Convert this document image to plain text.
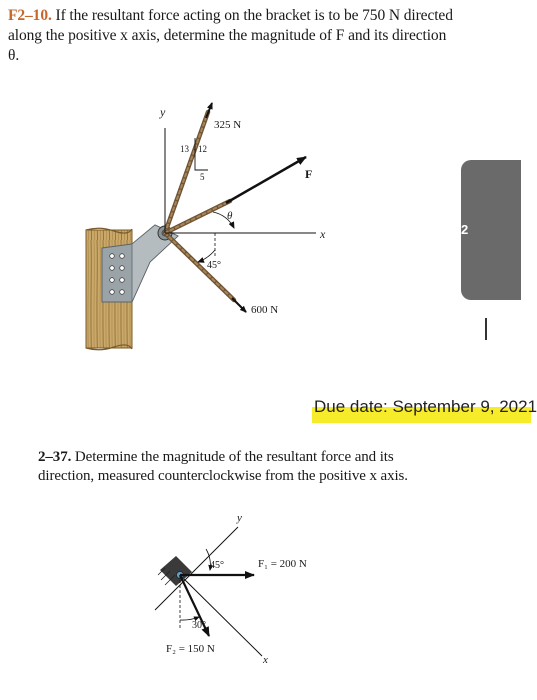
F2–10. If the resultant force acting on the bracket is to be 750 N directed along the positive x axis, determine the magnitude of F and its direction θ.

y
x
325 N
13 12
5	F
θ
45°
600 N
2
Due date: September 9, 2021

2–37. Determine the magnitude of the resultant force and its direction, measured counterclockwise from the positive x axis.

y
x
45°
30°
F₁ = 200 N
F₂ = 150 N
